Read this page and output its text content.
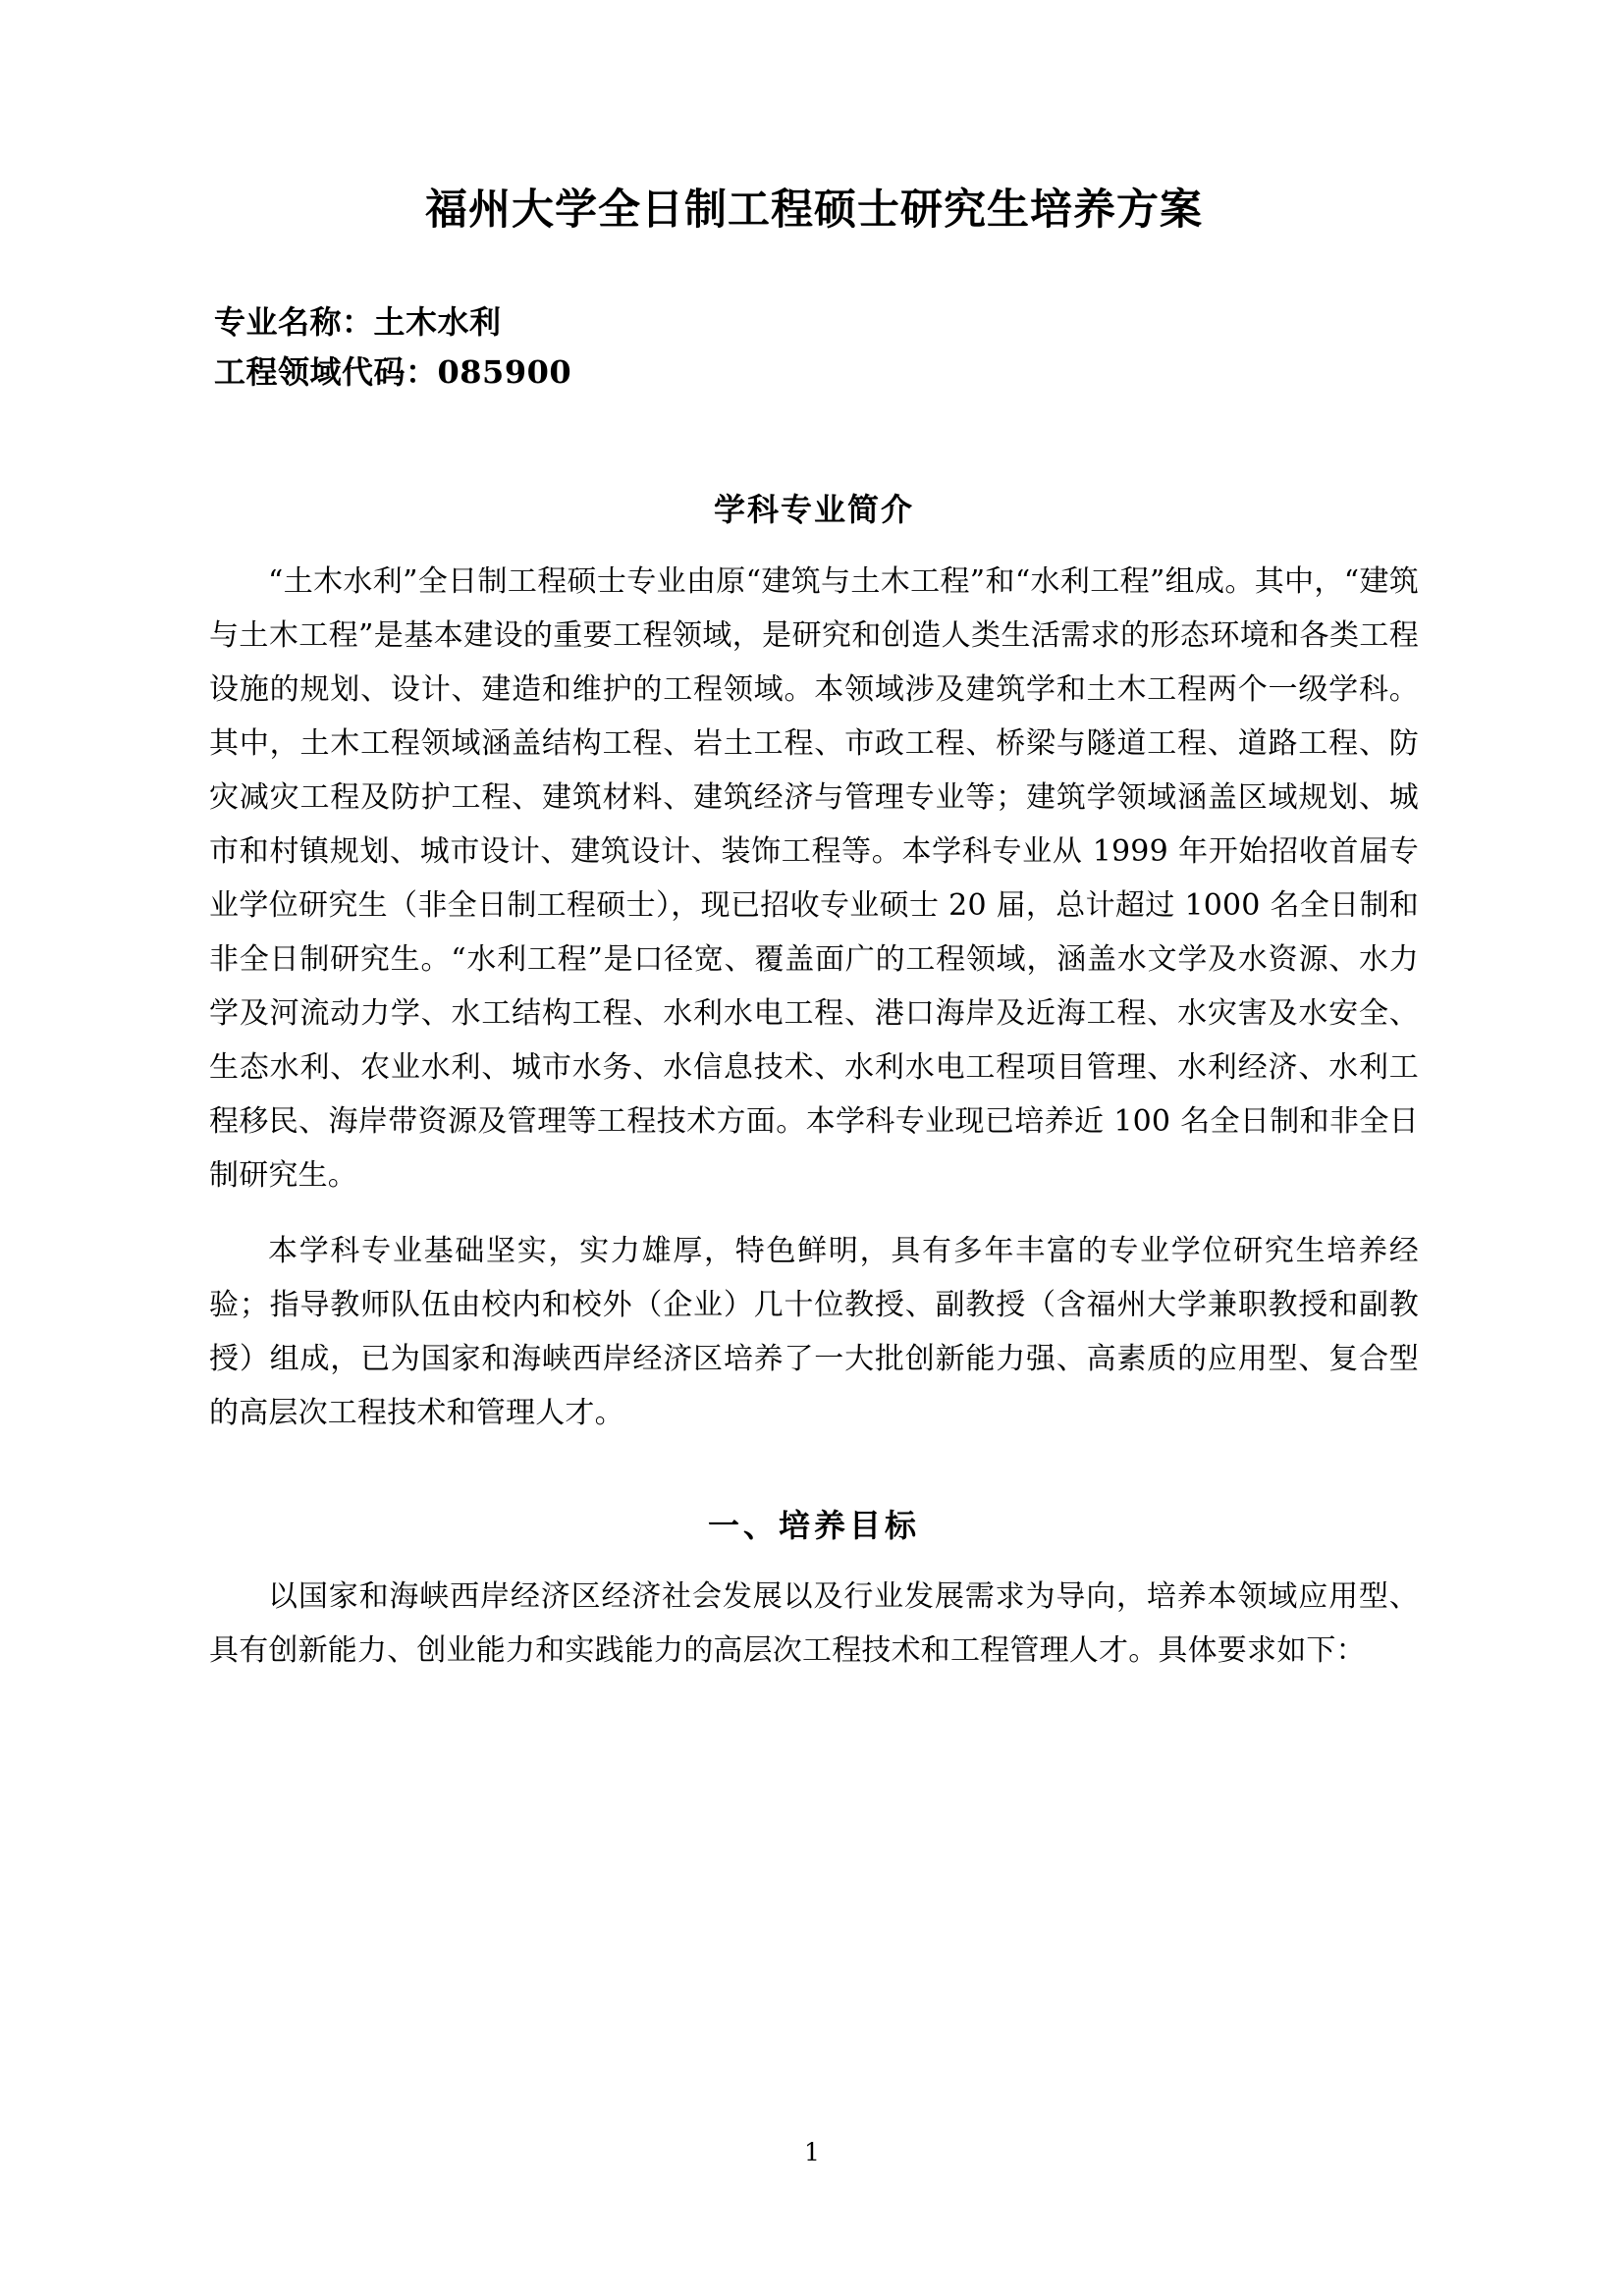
福州大学全日制工程硕士研究生培养方案
专业名称：土木水利
工程领域代码：085900
学科专业简介

“土木水利”全日制工程硕士专业由原“建筑与土木工程”和“水利工程”组成。其中，“建筑与土木工程”是基本建设的重要工程领域，是研究和创造人类生活需求的形态环境和各类工程设施的规划、设计、建造和维护的工程领域。本领域涉及建筑学和土木工程两个一级学科。其中，土木工程领域涵盖结构工程、岩土工程、市政工程、桥梁与隧道工程、道路工程、防灾减灾工程及防护工程、建筑材料、建筑经济与管理专业等；建筑学领域涵盖区域规划、城市和村镇规划、城市设计、建筑设计、装饰工程等。本学科专业从 1999 年开始招收首届专业学位研究生（非全日制工程硕士），现已招收专业硕士 20 届，总计超过 1000 名全日制和非全日制研究生。“水利工程”是口径宽、覆盖面广的工程领域，涵盖水文学及水资源、水力学及河流动力学、水工结构工程、水利水电工程、港口海岸及近海工程、水灾害及水安全、生态水利、农业水利、城市水务、水信息技术、水利水电工程项目管理、水利经济、水利工程移民、海岸带资源及管理等工程技术方面。本学科专业现已培养近 100 名全日制和非全日制研究生。

本学科专业基础坚实，实力雄厚，特色鲜明，具有多年丰富的专业学位研究生培养经验；指导教师队伍由校内和校外（企业）几十位教授、副教授（含福州大学兼职教授和副教授）组成，已为国家和海峡西岸经济区培养了一大批创新能力强、高素质的应用型、复合型的高层次工程技术和管理人才。

一、培养目标

以国家和海峡西岸经济区经济社会发展以及行业发展需求为导向，培养本领域应用型、具有创新能力、创业能力和实践能力的高层次工程技术和工程管理人才。具体要求如下：

1
